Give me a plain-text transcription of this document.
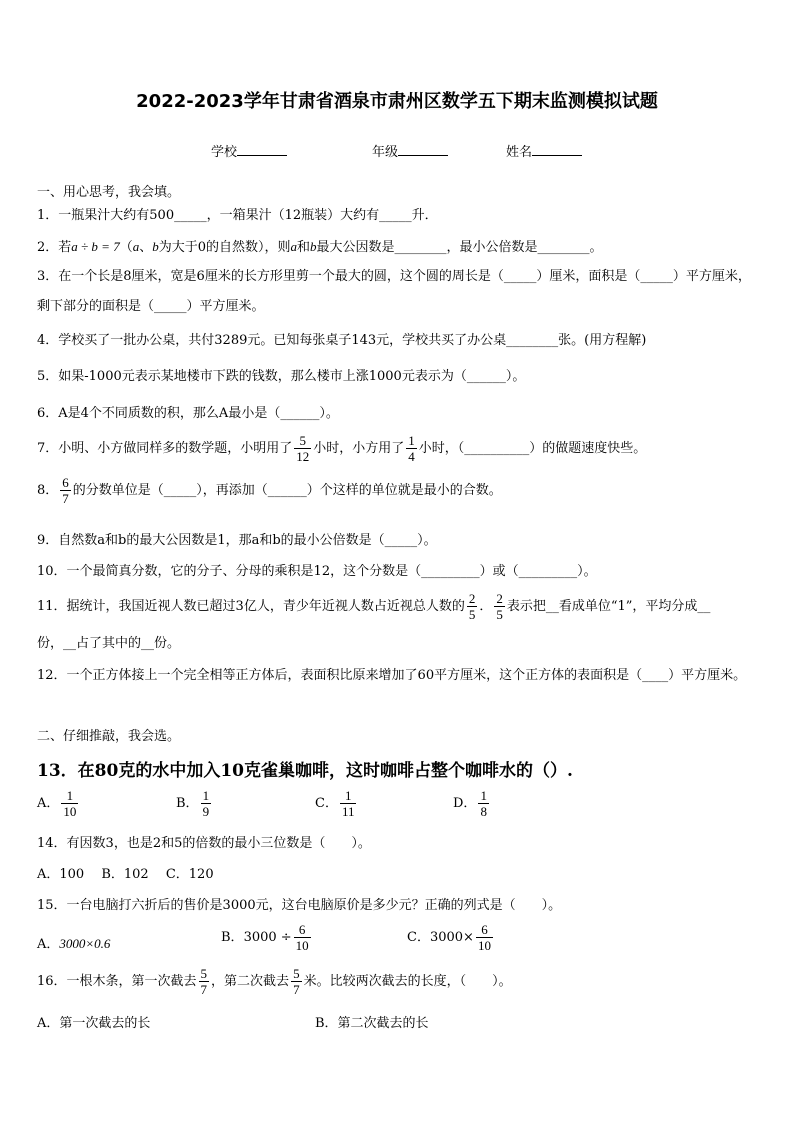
2022-2023学年甘肃省酒泉市肃州区数学五下期末监测模拟试题
学校	年级	姓名
一、用心思考，我会填。
1．一瓶果汁大约有500_____，一箱果汁（12瓶装）大约有_____升．
2．若a ÷ b = 7（a、b为大于0的自然数），则a和b最大公因数是________，最小公倍数是________。
3．在一个长是8厘米，宽是6厘米的长方形里剪一个最大的圆，这个圆的周长是（_____）厘米，面积是（_____）平方厘米，剩下部分的面积是（_____）平方厘米。
4．学校买了一批办公桌，共付3289元。已知每张桌子143元，学校共买了办公桌________张。(用方程解)
5．如果-1000元表示某地楼市下跌的钱数，那么楼市上涨1000元表示为（______）。
6．A是4个不同质数的积，那么A最小是（______）。
7．小明、小方做同样多的数学题，小明用了 $\frac{5}{12}$ 小时，小方用了 $\frac{1}{4}$ 小时，（__________）的做题速度快些。
8． $\frac{6}{7}$ 的分数单位是（_____），再添加（______）个这样的单位就是最小的合数。
9．自然数a和b的最大公因数是1，那a和b的最小公倍数是（_____）。
10．一个最简真分数，它的分子、分母的乘积是12，这个分数是（_________）或（_________）。
11．据统计，我国近视人数已超过3亿人，青少年近视人数占近视总人数的 $\frac{2}{5}$ ． $\frac{2}{5}$ 表示把__看成单位“1”，平均分成__
份，__占了其中的__份。
12．一个正方体接上一个完全相等正方体后，表面积比原来增加了60平方厘米，这个正方体的表面积是（____）平方厘米。
二、仔细推敲，我会选。
13．在80克的水中加入10克雀巢咖啡，这时咖啡占整个咖啡水的（）.
A． $\frac{1}{10}$	B． $\frac{1}{9}$	C． $\frac{1}{11}$	D． $\frac{1}{8}$
14．有因数3，也是2和5的倍数的最小三位数是（　　）。
A．100　 B．102　 C．120
15．一台电脑打六折后的售价是3000元，这台电脑原价是多少元？正确的列式是（　　）。
A．3000×0.6	B．$3000 \div \frac{6}{10}$	C．$3000\times \frac{6}{10}$
16．一根木条，第一次截去 $\frac{5}{7}$ ，第二次截去 $\frac{5}{7}$ 米。比较两次截去的长度，（　　）。
A．第一次截去的长	B．第二次截去的长
